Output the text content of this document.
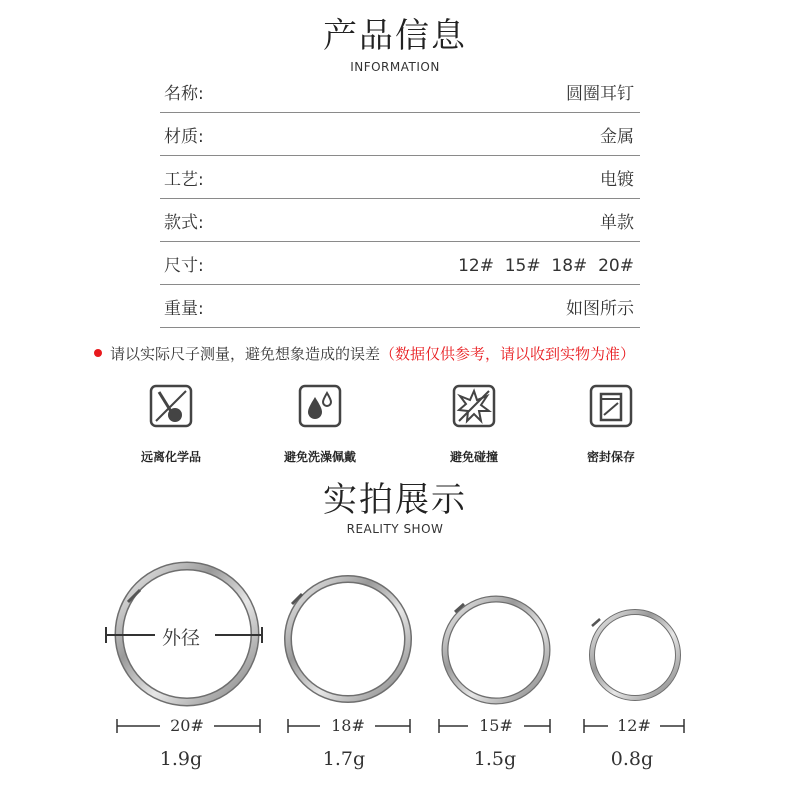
产品信息
INFORMATION
名称:	圆圈耳钉
材质:	金属
工艺:	电镀
款式:	单款
尺寸:	12#  15#  18#  20#
重量:	如图所示
请以实际尺子测量，避免想象造成的误差（数据仅供参考，请以收到实物为准）
远离化学品	避免洗澡佩戴	避免碰撞	密封保存
实拍展示
REALITY SHOW
外径
20#
1.9g
18#
1.7g
15#
1.5g
12#
0.8g
